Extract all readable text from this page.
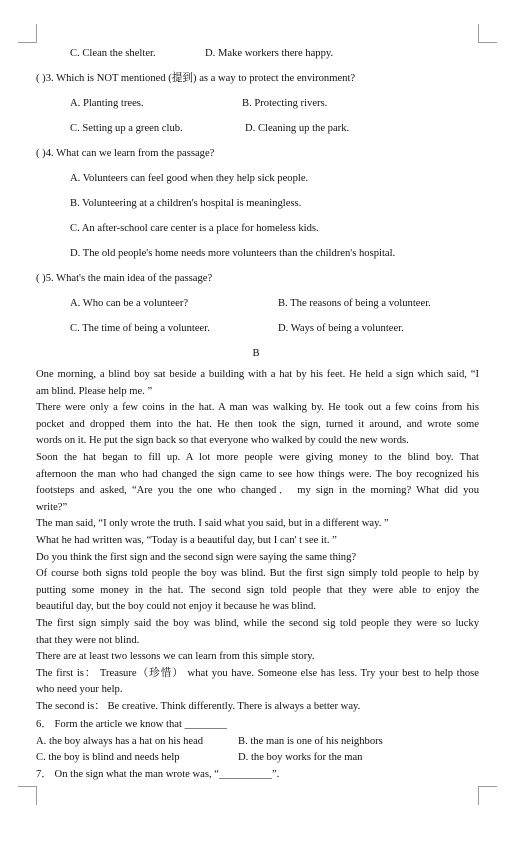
C. Clean the shelter.	D. Make workers there happy.
( )3. Which is NOT mentioned (提到) as a way to protect the environment?
A. Planting trees.	B. Protecting rivers.
C. Setting up a green club.	D. Cleaning up the park.
( )4. What can we learn from the passage?
A. Volunteers can feel good when they help sick people.
B. Volunteering at a children's hospital is meaningless.
C. An after-school care center is a place for homeless kids.
D. The old people's home needs more volunteers than the children's hospital.
( )5. What's the main idea of the passage?
A. Who can be a volunteer?	B. The reasons of being a volunteer.
C. The time of being a volunteer.	D. Ways of being a volunteer.
B
One morning, a blind boy sat beside a building with a hat by his feet. He held a sign which said, “I
am blind. Please help me. ”
There were only a few coins in the hat. A man was walking by. He took out a few coins from his
pocket and dropped them into the hat. He then took the sign, turned it around, and wrote some
words on it. He put the sign back so that everyone who walked by could the new words.
Soon the hat began to fill up. A lot more people were giving money to the blind boy. That
afternoon the man who had changed the sign came to see how things were. The boy recognized his
footsteps and asked, “Are you the one who changed． my sign in the morning? What did you
write?”
The man said, “I only wrote the truth. I said what you said, but in a different way. ”
What he had written was, “Today is a beautiful day, but I can' t see it. ”
Do you think the first sign and the second sign were saying the same thing?
Of course both signs told people the boy was blind. But the first sign simply told people to help by
putting some money in the hat. The second sign told people that they were able to enjoy the
beautiful day, but the boy could not enjoy it because he was blind.
The first sign simply said the boy was blind, while the second sig told people they were so lucky
that they were not blind.
There are at least two lessons we can learn from this simple story.
The first is： Treasure（珍惜） what you have. Someone else has less. Try your best to help those
who need your help.
The second is： Be creative. Think differently. There is always a better way.
6． Form the article we know that ________
A. the boy always has a hat on his head	B. the man is one of his neighbors
C. the boy is blind and needs help	D. the boy works for the man
7． On the sign what the man wrote was, “__________”.
